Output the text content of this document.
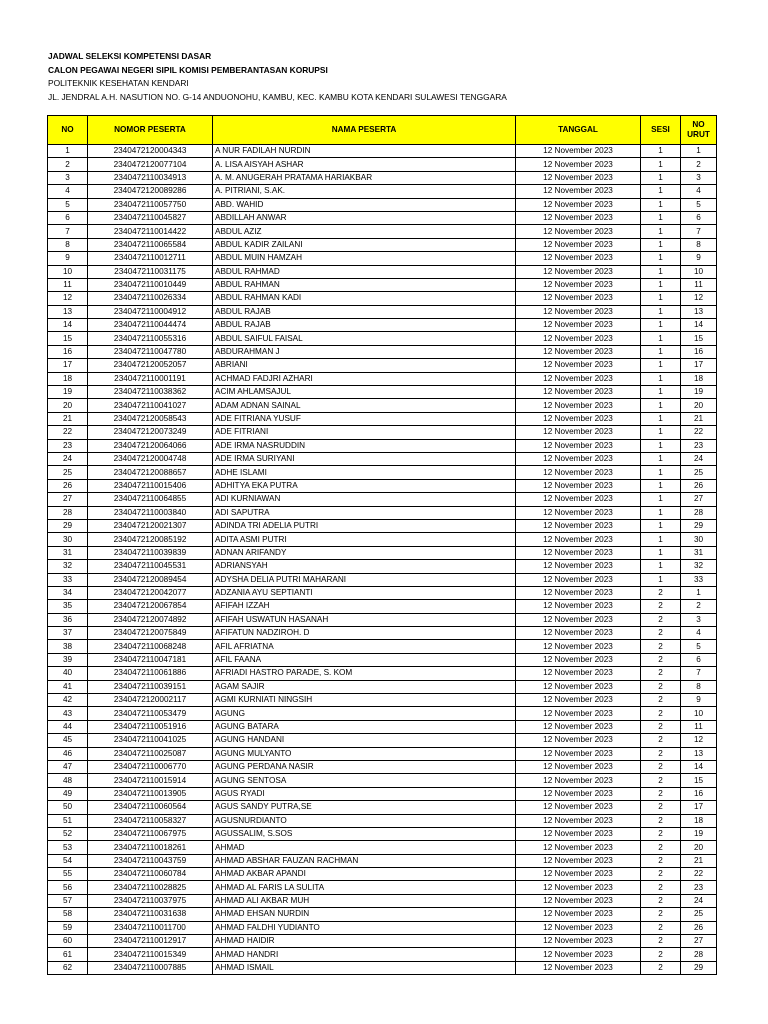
JADWAL SELEKSI KOMPETENSI DASAR
CALON PEGAWAI NEGERI SIPIL KOMISI PEMBERANTASAN KORUPSI
POLITEKNIK KESEHATAN KENDARI
JL. JENDRAL A.H. NASUTION NO. G-14 ANDUONOHU, KAMBU, KEC. KAMBU KOTA KENDARI SULAWESI TENGGARA
NO	NOMOR PESERTA	NAMA PESERTA	TANGGAL	SESI	NO
URUT

1	2340472120004343	A NUR FADILAH NURDIN	12 November 2023	1	1
2	2340472120077104	A. LISA AISYAH ASHAR	12 November 2023	1	2
3	2340472110034913	A. M. ANUGERAH PRATAMA HARIAKBAR	12 November 2023	1	3
4	2340472120089286	A. PITRIANI, S.AK.	12 November 2023	1	4
5	2340472110057750	ABD. WAHID	12 November 2023	1	5
6	2340472110045827	ABDILLAH ANWAR	12 November 2023	1	6
7	2340472110014422	ABDUL AZIZ	12 November 2023	1	7
8	2340472110065584	ABDUL KADIR ZAILANI	12 November 2023	1	8
9	2340472110012711	ABDUL MUIN HAMZAH	12 November 2023	1	9
10	2340472110031175	ABDUL RAHMAD	12 November 2023	1	10
11	2340472110010449	ABDUL RAHMAN	12 November 2023	1	11
12	2340472110026334	ABDUL RAHMAN KADI	12 November 2023	1	12
13	2340472110004912	ABDUL RAJAB	12 November 2023	1	13
14	2340472110044474	ABDUL RAJAB	12 November 2023	1	14
15	2340472110055316	ABDUL SAIFUL FAISAL	12 November 2023	1	15
16	2340472110047780	ABDURAHMAN J	12 November 2023	1	16
17	2340472120052057	ABRIANI	12 November 2023	1	17
18	2340472110001191	ACHMAD FADJRI AZHARI	12 November 2023	1	18
19	2340472110038362	ACIM AHLAMSAJUL	12 November 2023	1	19
20	2340472110041027	ADAM ADNAN SAINAL	12 November 2023	1	20
21	2340472120058543	ADE FITRIANA YUSUF	12 November 2023	1	21
22	2340472120073249	ADE FITRIANI	12 November 2023	1	22
23	2340472120064066	ADE IRMA NASRUDDIN	12 November 2023	1	23
24	2340472120004748	ADE IRMA SURIYANI	12 November 2023	1	24
25	2340472120088657	ADHE ISLAMI	12 November 2023	1	25
26	2340472110015406	ADHITYA EKA PUTRA	12 November 2023	1	26
27	2340472110064855	ADI KURNIAWAN	12 November 2023	1	27
28	2340472110003840	ADI SAPUTRA	12 November 2023	1	28
29	2340472120021307	ADINDA TRI ADELIA PUTRI	12 November 2023	1	29
30	2340472120085192	ADITA ASMI PUTRI	12 November 2023	1	30
31	2340472110039839	ADNAN ARIFANDY	12 November 2023	1	31
32	2340472110045531	ADRIANSYAH	12 November 2023	1	32
33	2340472120089454	ADYSHA DELIA PUTRI MAHARANI	12 November 2023	1	33
34	2340472120042077	ADZANIA AYU SEPTIANTI	12 November 2023	2	1
35	2340472120067854	AFIFAH IZZAH	12 November 2023	2	2
36	2340472120074892	AFIFAH USWATUN HASANAH	12 November 2023	2	3
37	2340472120075849	AFIFATUN NADZIROH. D	12 November 2023	2	4
38	2340472110068248	AFIL AFRIATNA	12 November 2023	2	5
39	2340472110047181	AFIL FAANA	12 November 2023	2	6
40	2340472110061886	AFRIADI HASTRO PARADE, S. KOM	12 November 2023	2	7
41	2340472110039151	AGAM SAJIR	12 November 2023	2	8
42	2340472120002117	AGMI KURNIATI NINGSIH	12 November 2023	2	9
43	2340472110053479	AGUNG	12 November 2023	2	10
44	2340472110051916	AGUNG BATARA	12 November 2023	2	11
45	2340472110041025	AGUNG HANDANI	12 November 2023	2	12
46	2340472110025087	AGUNG MULYANTO	12 November 2023	2	13
47	2340472110006770	AGUNG PERDANA NASIR	12 November 2023	2	14
48	2340472110015914	AGUNG SENTOSA	12 November 2023	2	15
49	2340472110013905	AGUS RYADI	12 November 2023	2	16
50	2340472110060564	AGUS SANDY PUTRA,SE	12 November 2023	2	17
51	2340472110058327	AGUSNURDIANTO	12 November 2023	2	18
52	2340472110067975	AGUSSALIM, S.SOS	12 November 2023	2	19
53	2340472110018261	AHMAD	12 November 2023	2	20
54	2340472110043759	AHMAD ABSHAR FAUZAN RACHMAN	12 November 2023	2	21
55	2340472110060784	AHMAD AKBAR APANDI	12 November 2023	2	22
56	2340472110028825	AHMAD AL FARIS LA SULITA	12 November 2023	2	23
57	2340472110037975	AHMAD ALI AKBAR MUH	12 November 2023	2	24
58	2340472110031638	AHMAD EHSAN NURDIN	12 November 2023	2	25
59	2340472110011700	AHMAD FALDHI YUDIANTO	12 November 2023	2	26
60	2340472110012917	AHMAD HAIDIR	12 November 2023	2	27
61	2340472110015349	AHMAD HANDRI	12 November 2023	2	28
62	2340472110007885	AHMAD ISMAIL	12 November 2023	2	29
